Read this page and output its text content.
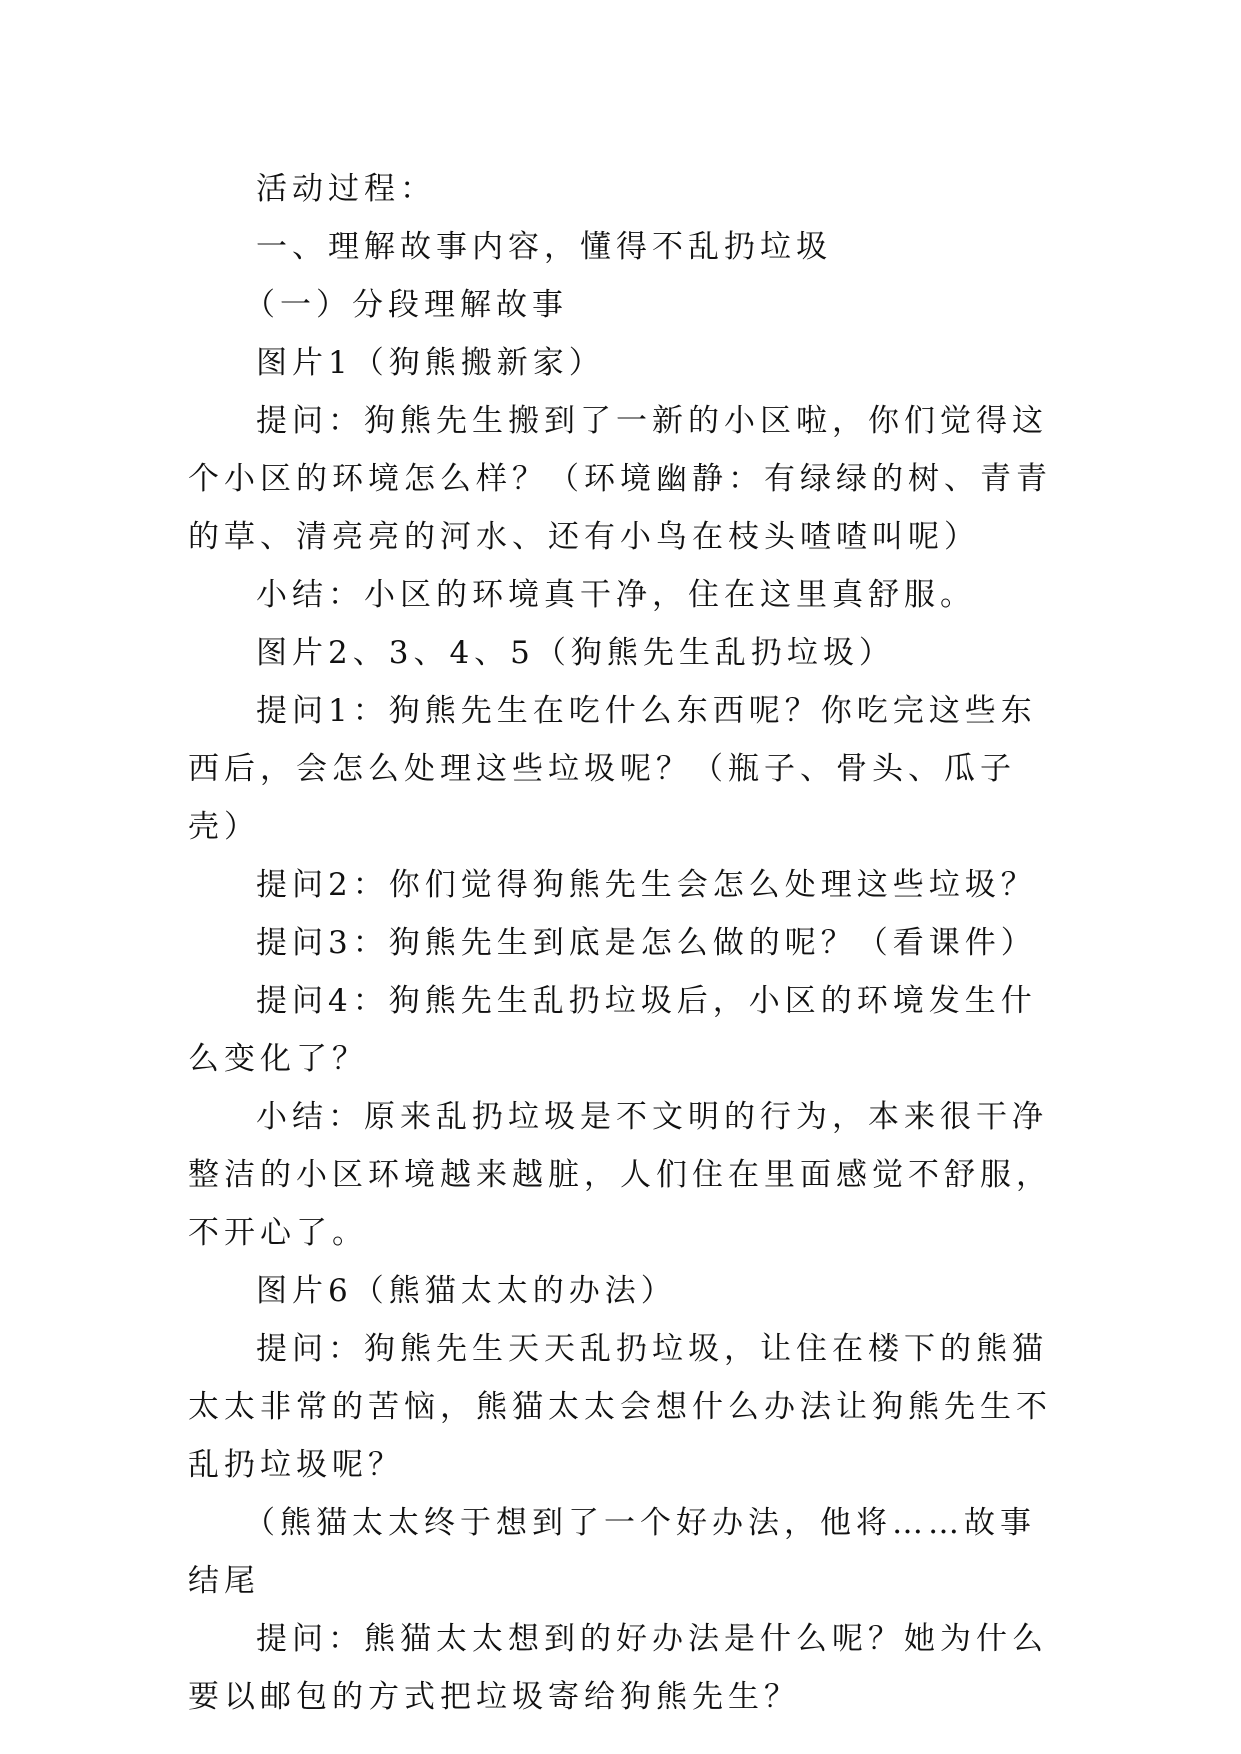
活动过程：

一、理解故事内容，懂得不乱扔垃圾

（一）分段理解故事

图片1（狗熊搬新家）

提问：狗熊先生搬到了一新的小区啦，你们觉得这个小区的环境怎么样？（环境幽静：有绿绿的树、青青的草、清亮亮的河水、还有小鸟在枝头喳喳叫呢）

小结：小区的环境真干净，住在这里真舒服。

图片2、3、4、5（狗熊先生乱扔垃圾）

提问1：狗熊先生在吃什么东西呢？你吃完这些东西后，会怎么处理这些垃圾呢？（瓶子、骨头、瓜子壳）

提问2：你们觉得狗熊先生会怎么处理这些垃圾？

提问3：狗熊先生到底是怎么做的呢？（看课件）

提问4：狗熊先生乱扔垃圾后，小区的环境发生什么变化了？

小结：原来乱扔垃圾是不文明的行为，本来很干净整洁的小区环境越来越脏，人们住在里面感觉不舒服，不开心了。

图片6（熊猫太太的办法）

提问：狗熊先生天天乱扔垃圾，让住在楼下的熊猫太太非常的苦恼，熊猫太太会想什么办法让狗熊先生不乱扔垃圾呢？

（熊猫太太终于想到了一个好办法，他将……故事结尾

提问：熊猫太太想到的好办法是什么呢？她为什么要以邮包的方式把垃圾寄给狗熊先生？
